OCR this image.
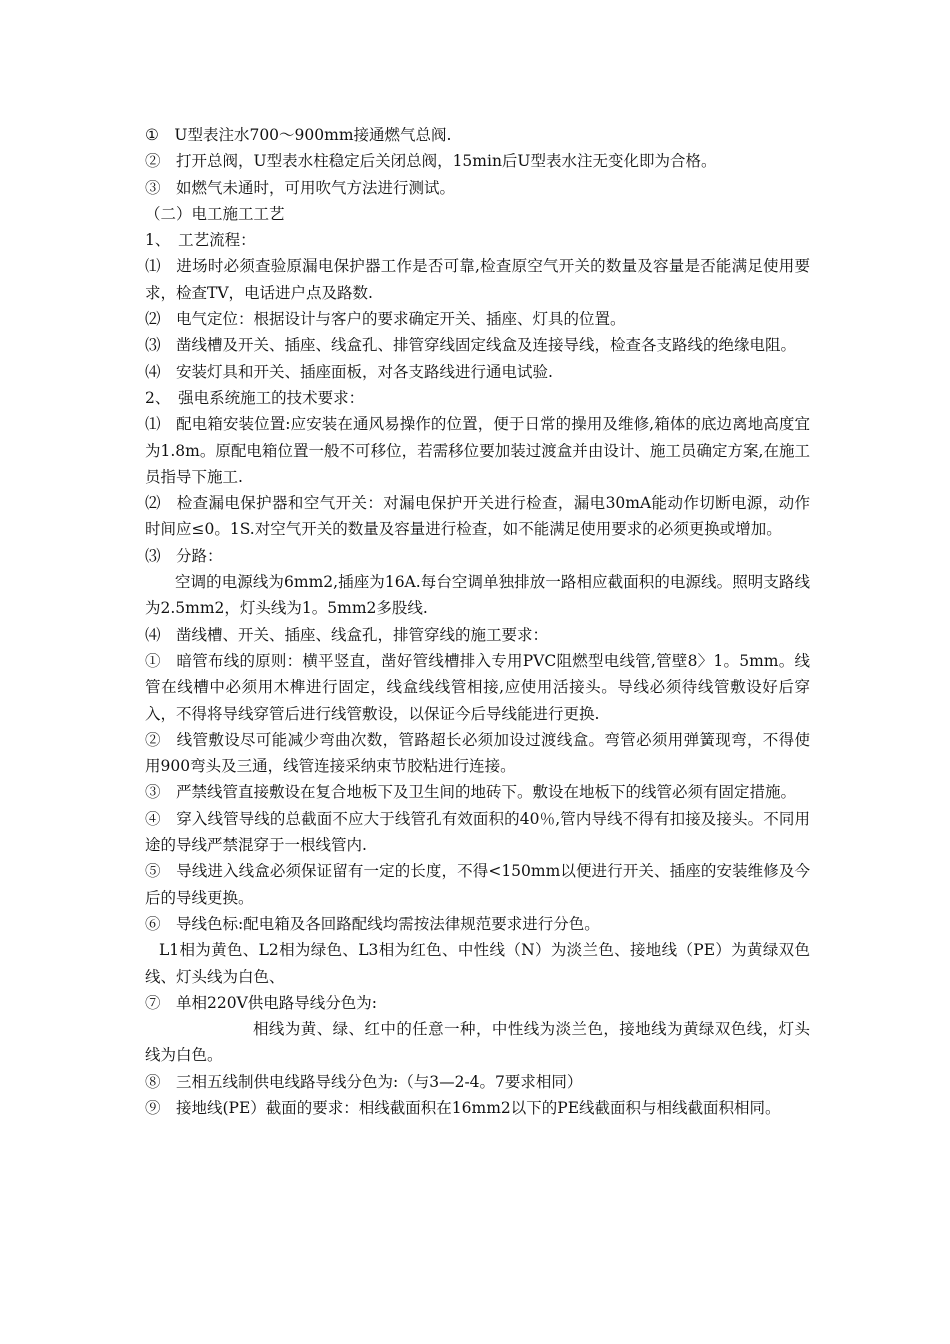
①　U型表注水700～900mm接通燃气总阀.

②　打开总阀，U型表水柱稳定后关闭总阀，15min后U型表水注无变化即为合格。

③　如燃气未通时，可用吹气方法进行测试。

（二）电工施工工艺

1、　工艺流程：

⑴　进场时必须查验原漏电保护器工作是否可靠,检查原空气开关的数量及容量是否能满足使用要求，检查TV，电话进户点及路数.

⑵　电气定位：根据设计与客户的要求确定开关、插座、灯具的位置。

⑶　凿线槽及开关、插座、线盒孔、排管穿线固定线盒及连接导线，检查各支路线的绝缘电阻。

⑷　安装灯具和开关、插座面板，对各支路线进行通电试验.

2、　强电系统施工的技术要求：

⑴　配电箱安装位置:应安装在通风易操作的位置，便于日常的操用及维修,箱体的底边离地高度宜为1.8m。原配电箱位置一般不可移位，若需移位要加装过渡盒并由设计、施工员确定方案,在施工员指导下施工.

⑵　检查漏电保护器和空气开关：对漏电保护开关进行检查，漏电30mA能动作切断电源，动作时间应≤0。1S.对空气开关的数量及容量进行检查，如不能满足使用要求的必须更换或增加。

⑶　分路：

空调的电源线为6mm2,插座为16A.每台空调单独排放一路相应截面积的电源线。照明支路线为2.5mm2，灯头线为1。5mm2多股线.

⑷　凿线槽、开关、插座、线盒孔，排管穿线的施工要求：

①　暗管布线的原则：横平竖直，凿好管线槽排入专用PVC阻燃型电线管,管壁8〉1。5mm。线管在线槽中必须用木榫进行固定，线盒线线管相接,应使用活接头。导线必须待线管敷设好后穿入，不得将导线穿管后进行线管敷设，以保证今后导线能进行更换.

②　线管敷设尽可能减少弯曲次数，管路超长必须加设过渡线盒。弯管必须用弹簧现弯，不得使用900弯头及三通，线管连接采纳束节胶粘进行连接。

③　严禁线管直接敷设在复合地板下及卫生间的地砖下。敷设在地板下的线管必须有固定措施。

④　穿入线管导线的总截面不应大于线管孔有效面积的40％,管内导线不得有扣接及接头。不同用途的导线严禁混穿于一根线管内.

⑤　导线进入线盒必须保证留有一定的长度，不得<150mm以便进行开关、插座的安装维修及今后的导线更换。

⑥　导线色标:配电箱及各回路配线均需按法律规范要求进行分色。

L1相为黄色、L2相为绿色、L3相为红色、中性线（N）为淡兰色、接地线（PE）为黄绿双色线、灯头线为白色、

⑦　单相220V供电路导线分色为:

相线为黄、绿、红中的任意一种，中性线为淡兰色，接地线为黄绿双色线，灯头线为白色。

⑧　三相五线制供电线路导线分色为:（与3—2-4。7要求相同）

⑨　接地线(PE）截面的要求：相线截面积在16mm2以下的PE线截面积与相线截面积相同。
